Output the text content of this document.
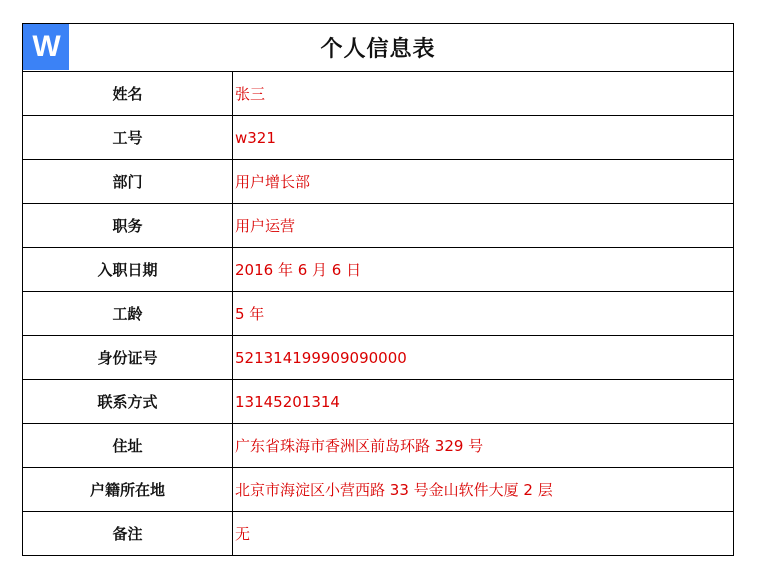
W	个人信息表
姓名	张三
工号	w321
部门	用户增长部
职务	用户运营
入职日期	2016 年 6 月 6 日
工龄	5 年
身份证号	521314199909090000
联系方式	13145201314
住址	广东省珠海市香洲区前岛环路 329 号
户籍所在地	北京市海淀区小营西路 33 号金山软件大厦 2 层
备注	无
